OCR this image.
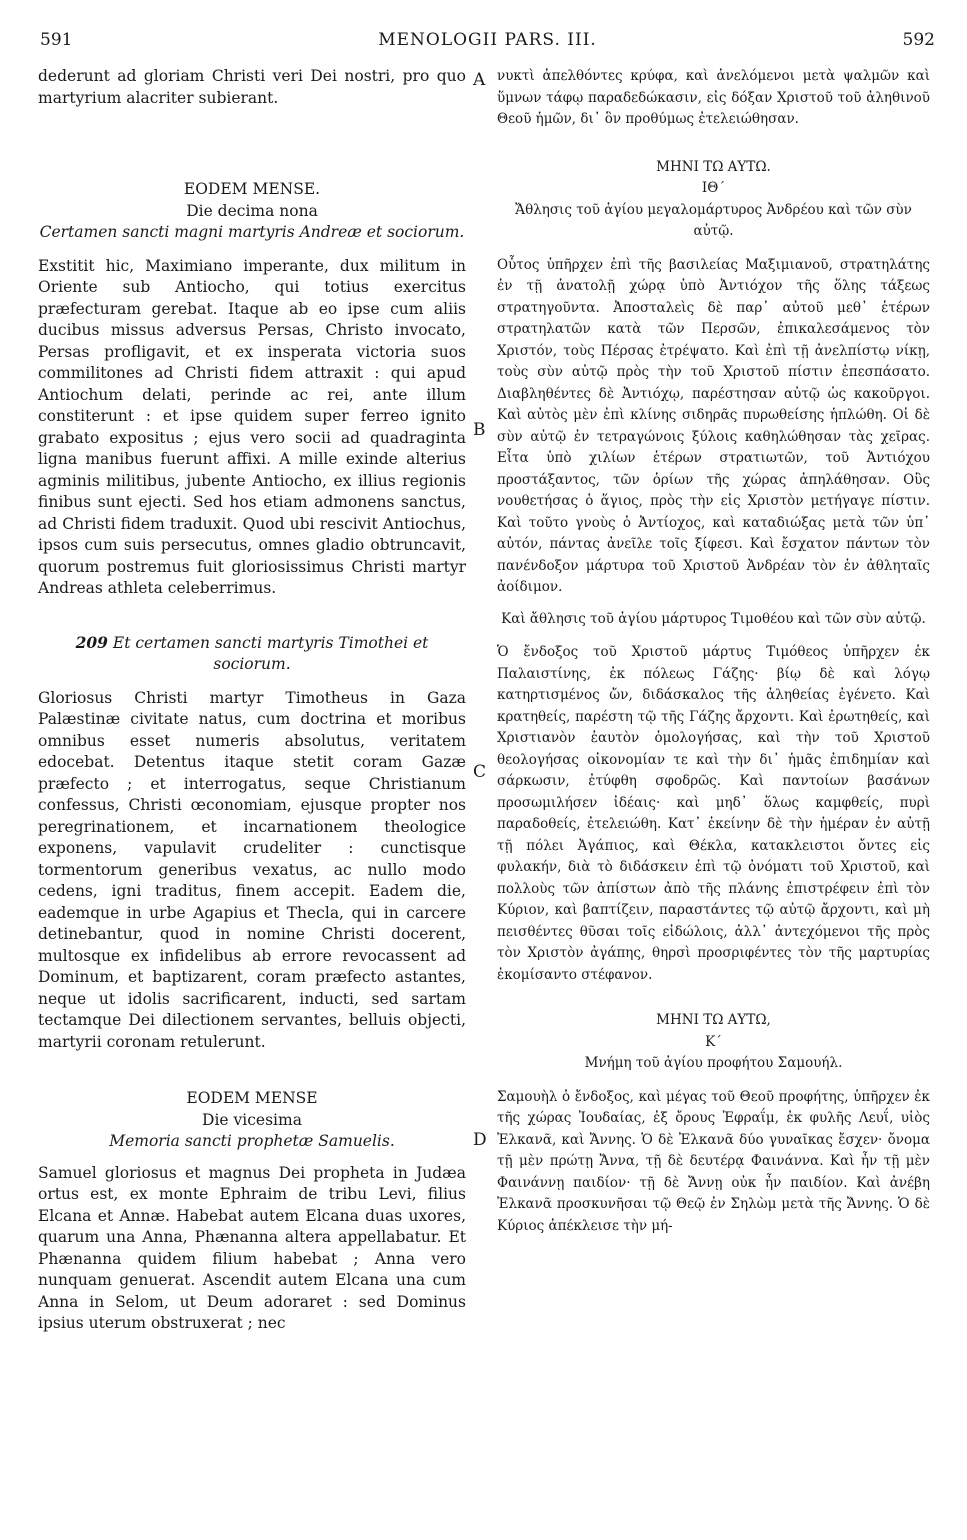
591	MENOLOGII PARS. III.	592
A
B
C
D

dederunt ad gloriam Christi veri Dei nostri, pro quo martyrium alacriter subierant.

EODEM MENSE.

Die decima nona

Certamen sancti magni martyris Andreæ et sociorum.

Exstitit hic, Maximiano imperante, dux militum in Oriente sub Antiocho, qui totius exercitus præfecturam gerebat. Itaque ab eo ipse cum aliis ducibus missus adversus Persas, Christo invocato, Persas profligavit, et ex insperata victoria suos commilitones ad Christi fidem attraxit : qui apud Antiochum delati, perinde ac rei, ante illum constiterunt : et ipse quidem super ferreo ignito grabato expositus ; ejus vero socii ad quadraginta ligna manibus fuerunt affixi. A mille exinde alterius agminis militibus, jubente Antiocho, ex illius regionis finibus sunt ejecti. Sed hos etiam admonens sanctus, ad Christi fidem traduxit. Quod ubi rescivit Antiochus, ipsos cum suis persecutus, omnes gladio obtruncavit, quorum postremus fuit gloriosissimus Christi martyr Andreas athleta celeberrimus.

209 Et certamen sancti martyris Timothei et sociorum.

Gloriosus Christi martyr Timotheus in Gaza Palæstinæ civitate natus, cum doctrina et moribus omnibus esset numeris absolutus, veritatem edocebat. Detentus itaque stetit coram Gazæ præfecto ; et interrogatus, seque Christianum confessus, Christi œconomiam, ejusque propter nos peregrinationem, et incarnationem theologice exponens, vapulavit crudeliter : cunctisque tormentorum generibus vexatus, ac nullo modo cedens, igni traditus, finem accepit. Eadem die, eademque in urbe Agapius et Thecla, qui in carcere detinebantur, quod in nomine Christi docerent, multosque ex infidelibus ab errore revocassent ad Dominum, et baptizarent, coram præfecto astantes, neque ut idolis sacrificarent, inducti, sed sartam tectamque Dei dilectionem servantes, belluis objecti, martyrii coronam retulerunt.

EODEM MENSE

Die vicesima

Memoria sancti prophetæ Samuelis.

Samuel gloriosus et magnus Dei propheta in Judæa ortus est, ex monte Ephraim de tribu Levi, filius Elcana et Annæ. Habebat autem Elcana duas uxores, quarum una Anna, Phænanna altera appellabatur. Et Phænanna quidem filium habebat ; Anna vero nunquam genuerat. Ascendit autem Elcana una cum Anna in Selom, ut Deum adoraret : sed Dominus ipsius uterum obstruxerat ; nec

νυκτὶ ἀπελθόντες κρύφα, καὶ ἀνελόμενοι μετὰ ψαλμῶν καὶ ὕμνων τάφῳ παραδεδώκασιν, εἰς δόξαν Χριστοῦ τοῦ ἀληθινοῦ Θεοῦ ἡμῶν, δι᾿ ὃν προθύμως ἐτελειώθησαν.

ΜΗΝΙ ΤΩ ΑΥΤΩ.

ΙΘ´

Ἄθλησις τοῦ ἁγίου μεγαλομάρτυρος Ἀνδρέου καὶ τῶν σὺν αὐτῷ.

Οὗτος ὑπῆρχεν ἐπὶ τῆς βασιλείας Μαξιμιανοῦ, στρατηλάτης ἐν τῇ ἀνατολῇ χώρᾳ ὑπὸ Ἀντιόχον τῆς ὅλης τάξεως στρατηγοῦντα. Ἀποσταλεὶς δὲ παρ᾿ αὐτοῦ μεθ᾿ ἑτέρων στρατηλατῶν κατὰ τῶν Περσῶν, ἐπικαλεσάμενος τὸν Χριστόν, τοὺς Πέρσας ἐτρέψατο. Καὶ ἐπὶ τῇ ἀνελπίστῳ νίκῃ, τοὺς σὺν αὐτῷ πρὸς τὴν τοῦ Χριστοῦ πίστιν ἐπεσπάσατο. Διαβληθέντες δὲ Ἀντιόχῳ, παρέστησαν αὐτῷ ὡς κακοῦργοι. Καὶ αὐτὸς μὲν ἐπὶ κλίνης σιδηρᾶς πυρωθείσης ἡπλώθη. Οἱ δὲ σὺν αὐτῷ ἐν τετραγώνοις ξύλοις καθηλώθησαν τὰς χεῖρας. Εἶτα ὑπὸ χιλίων ἑτέρων στρατιωτῶν, τοῦ Ἀντιόχου προστάξαντος, τῶν ὁρίων τῆς χώρας ἀπηλάθησαν. Οὓς νουθετήσας ὁ ἅγιος, πρὸς τὴν εἰς Χριστὸν μετήγαγε πίστιν. Καὶ τοῦτο γνοὺς ὁ Ἀντίοχος, καὶ καταδιώξας μετὰ τῶν ὑπ᾿ αὐτόν, πάντας ἀνεῖλε τοῖς ξίφεσι. Καὶ ἔσχατον πάντων τὸν πανένδοξον μάρτυρα τοῦ Χριστοῦ Ἀνδρέαν τὸν ἐν ἀθληταῖς ἀοίδιμον.

Καὶ ἄθλησις τοῦ ἁγίου μάρτυρος Τιμοθέου καὶ τῶν σὺν αὐτῷ.

Ὁ ἔνδοξος τοῦ Χριστοῦ μάρτυς Τιμόθεος ὑπῆρχεν ἐκ Παλαιστίνης, ἐκ πόλεως Γάζης· βίῳ δὲ καὶ λόγῳ κατηρτισμένος ὤν, διδάσκαλος τῆς ἀληθείας ἐγένετο. Καὶ κρατηθείς, παρέστη τῷ τῆς Γάζης ἄρχοντι. Καὶ ἐρωτηθείς, καὶ Χριστιανὸν ἑαυτὸν ὁμολογήσας, καὶ τὴν τοῦ Χριστοῦ θεολογήσας οἰκονομίαν τε καὶ τὴν δι᾿ ἡμᾶς ἐπιδημίαν καὶ σάρκωσιν, ἐτύφθη σφοδρῶς. Καὶ παντοίων βασάνων προσωμιλήσεν ἰδέαις· καὶ μηδ᾿ ὅλως καμφθείς, πυρὶ παραδοθείς, ἐτελειώθη. Κατ᾿ ἐκείνην δὲ τὴν ἡμέραν ἐν αὐτῇ τῇ πόλει Ἀγάπιος, καὶ Θέκλα, κατακλειστοι ὄντες εἰς φυλακήν, διὰ τὸ διδάσκειν ἐπὶ τῷ ὀνόματι τοῦ Χριστοῦ, καὶ πολλοὺς τῶν ἀπίστων ἀπὸ τῆς πλάνης ἐπιστρέφειν ἐπὶ τὸν Κύριον, καὶ βαπτίζειν, παραστάντες τῷ αὐτῷ ἄρχοντι, καὶ μὴ πεισθέντες θῦσαι τοῖς εἰδώλοις, ἀλλ᾿ ἀντεχόμενοι τῆς πρὸς τὸν Χριστὸν ἀγάπης, θηρσὶ προσριφέντες τὸν τῆς μαρτυρίας ἐκομίσαντο στέφανον.

ΜΗΝΙ ΤΩ ΑΥΤΩ,

Κ´

Μνήμη τοῦ ἁγίου προφήτου Σαμουήλ.

Σαμουὴλ ὁ ἔνδοξος, καὶ μέγας τοῦ Θεοῦ προφήτης, ὑπῆρχεν ἐκ τῆς χώρας Ἰουδαίας, ἐξ ὄρους Ἐφραΐμ, ἐκ φυλῆς Λευΐ, υἱὸς Ἐλκανᾶ, καὶ Ἄννης. Ὁ δὲ Ἐλκανᾶ δύο γυναῖκας ἔσχεν· ὄνομα τῇ μὲν πρώτῃ Ἄννα, τῇ δὲ δευτέρᾳ Φαινάννα. Καὶ ἦν τῇ μὲν Φαινάννῃ παιδίον· τῇ δὲ Ἄννῃ οὐκ ἦν παιδίον. Καὶ ἀνέβη Ἐλκανᾶ προσκυνῆσαι τῷ Θεῷ ἐν Σηλὼμ μετὰ τῆς Ἄννης. Ὁ δὲ Κύριος ἀπέκλεισε τὴν μή-
